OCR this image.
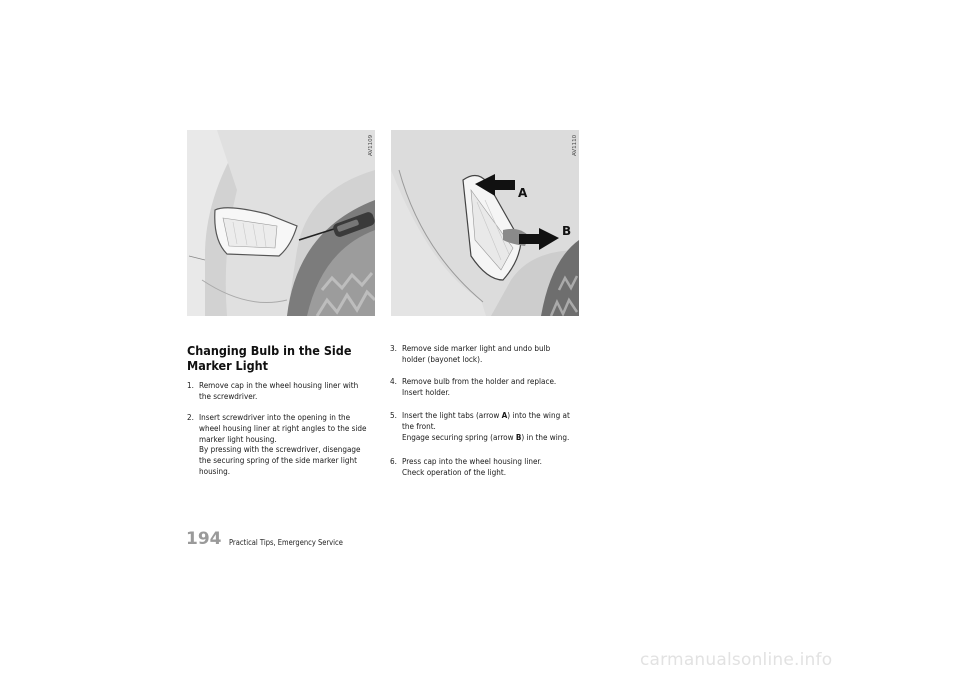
AV1109	AV1110
A
B
Changing Bulb in the Side
Marker Light
1. Remove cap in the wheel housing liner with
the screwdriver.
2. Insert screwdriver into the opening in the
wheel housing liner at right angles to the side
marker light housing.
By pressing with the screwdriver, disengage
the securing spring of the side marker light
housing.
3. Remove side marker light and undo bulb
holder (bayonet lock).
4. Remove bulb from the holder and replace.
Insert holder.
5. Insert the light tabs (arrow A) into the wing at
the front.
Engage securing spring (arrow B) in the wing.
6. Press cap into the wheel housing liner.
Check operation of the light.
194 Practical Tips, Emergency Service
carmanualsonline.info
